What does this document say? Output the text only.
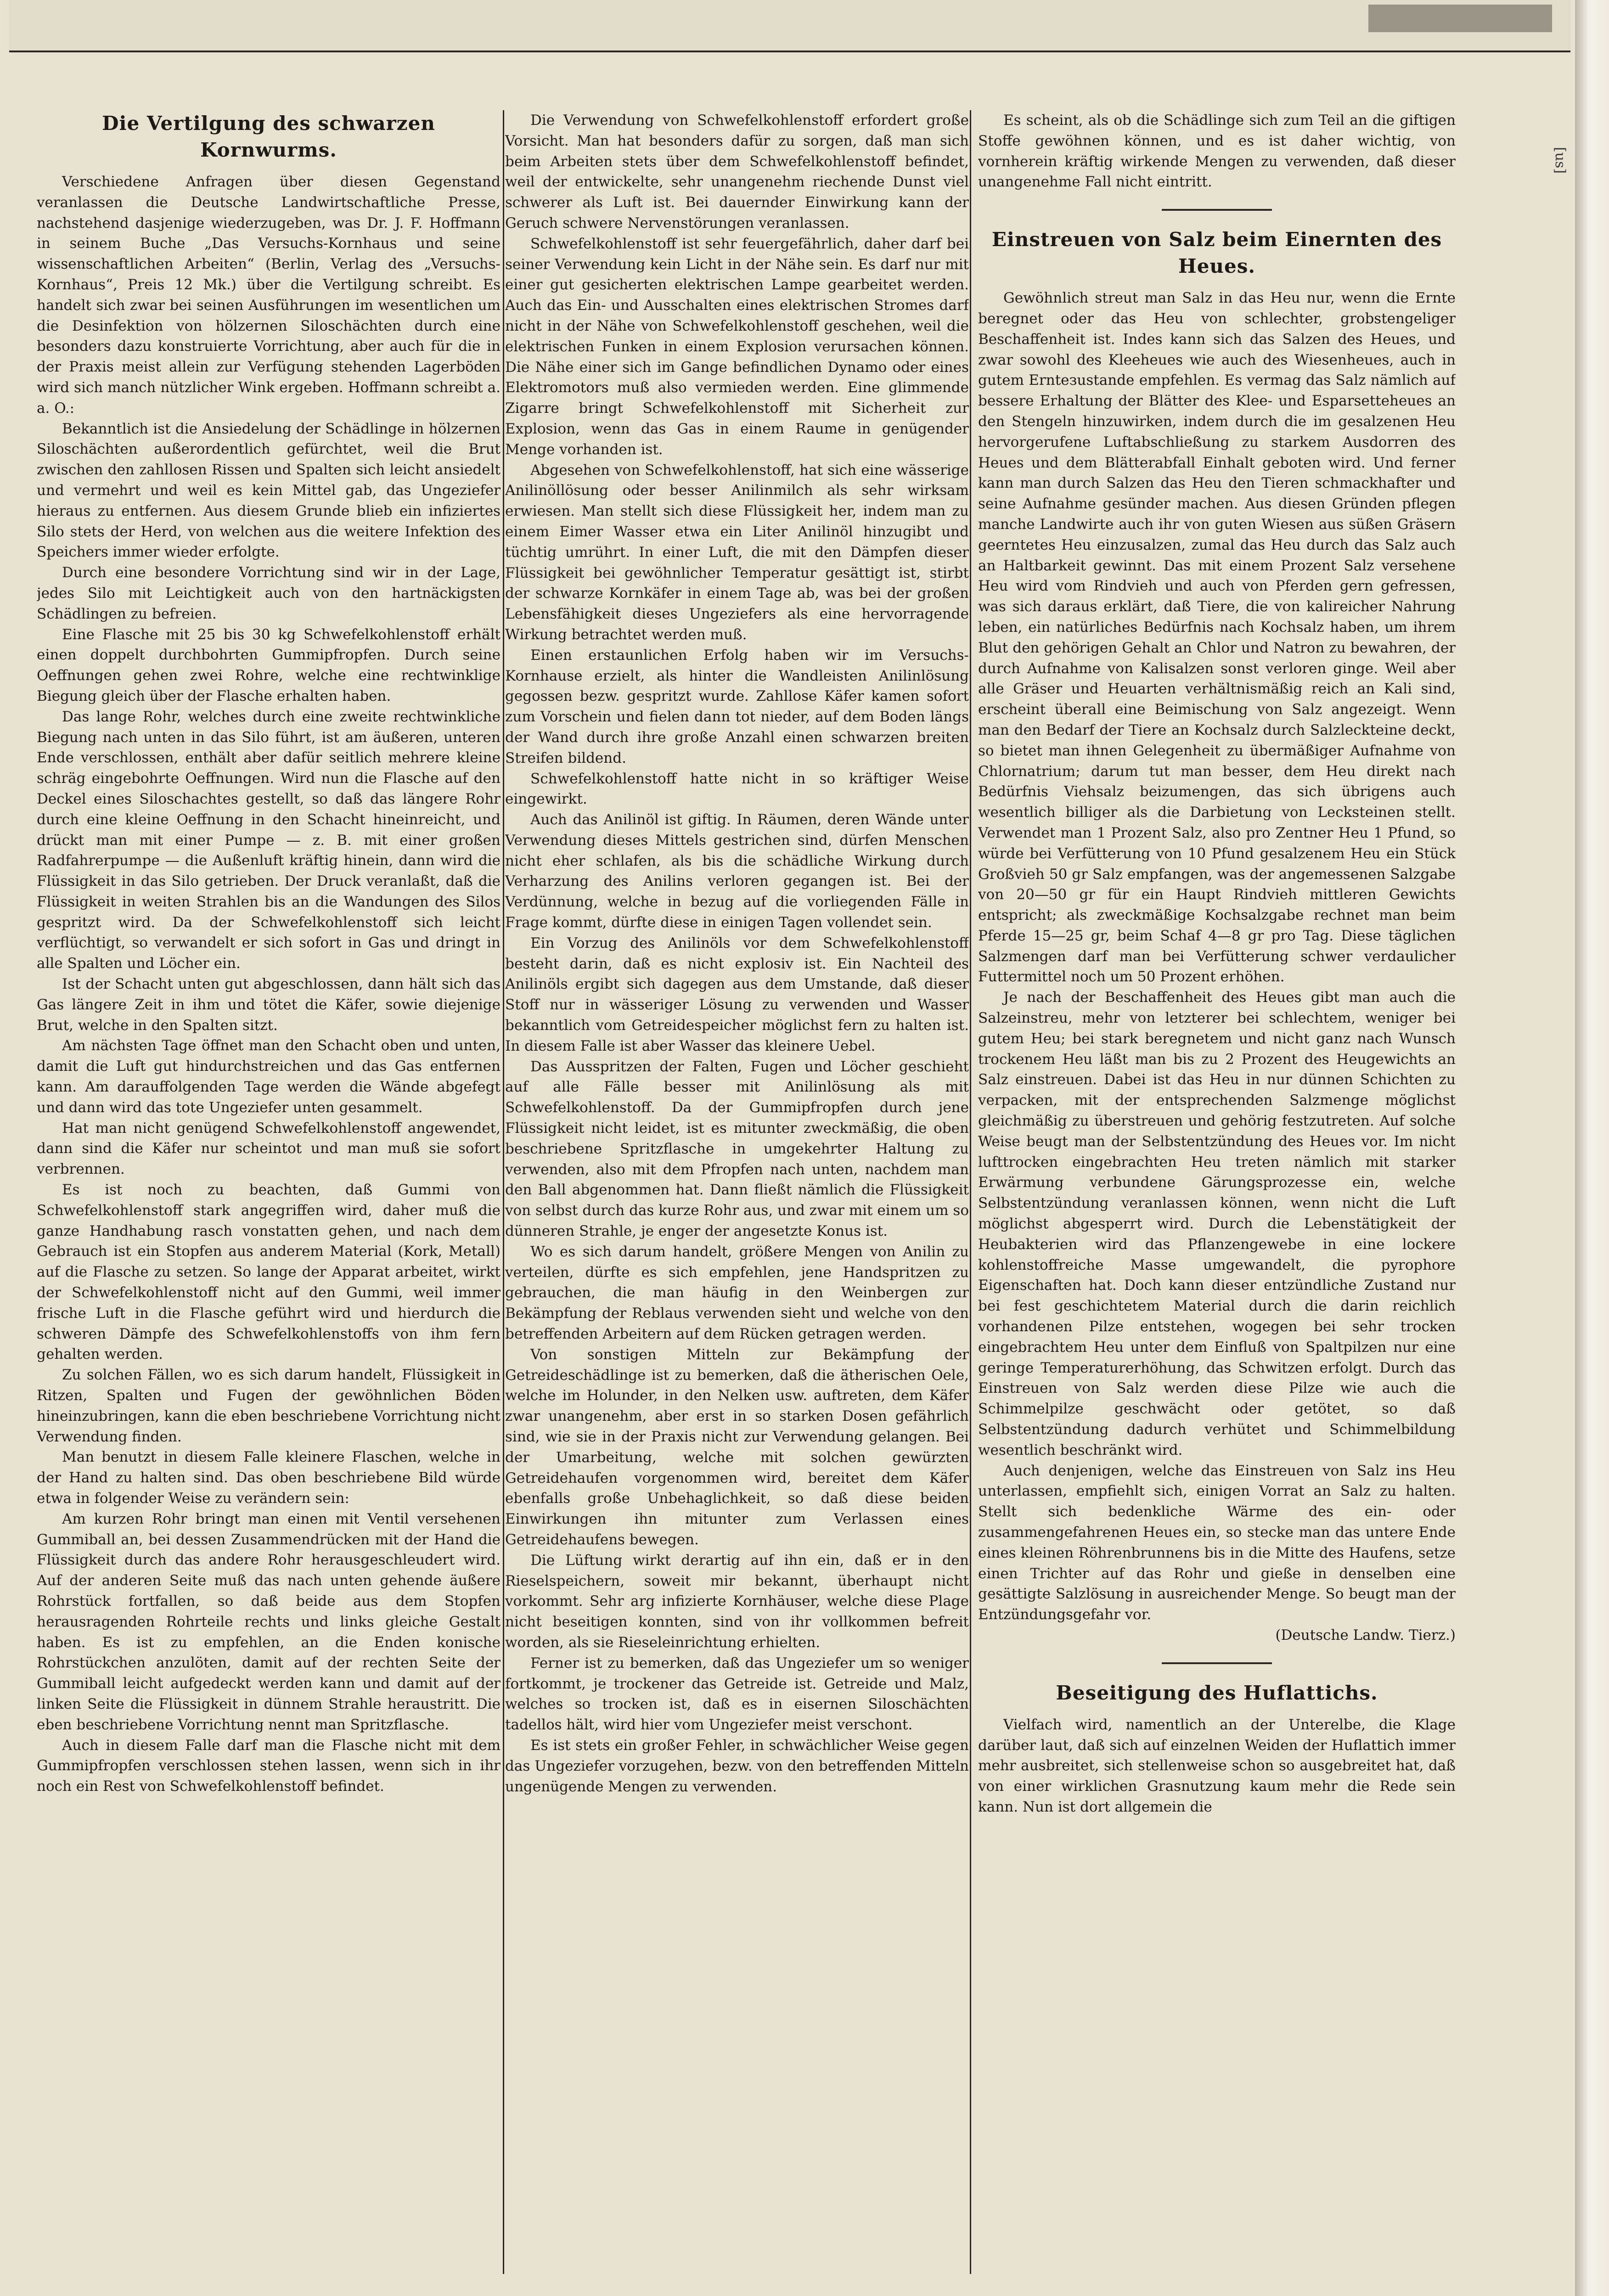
Die Vertilgung des schwarzen Kornwurms.

Verschiedene Anfragen über diesen Gegenstand veranlassen die Deutsche Landwirtschaftliche Presse, nachstehend dasjenige wiederzugeben, was Dr. J. F. Hoffmann in seinem Buche „Das Versuchs-Kornhaus und seine wissenschaftlichen Arbeiten“ (Berlin, Verlag des „Versuchs-Kornhaus“, Preis 12 Mk.) über die Vertilgung schreibt. Es handelt sich zwar bei seinen Ausführungen im wesentlichen um die Desinfektion von hölzernen Siloschächten durch eine besonders dazu konstruierte Vorrichtung, aber auch für die in der Praxis meist allein zur Verfügung stehenden Lagerböden wird sich manch nützlicher Wink ergeben. Hoffmann schreibt a. a. O.:

Bekanntlich ist die Ansiedelung der Schädlinge in hölzernen Siloschächten außerordentlich gefürchtet, weil die Brut zwischen den zahllosen Rissen und Spalten sich leicht ansiedelt und vermehrt und weil es kein Mittel gab, das Ungeziefer hieraus zu entfernen. Aus diesem Grunde blieb ein infiziertes Silo stets der Herd, von welchen aus die weitere Infektion des Speichers immer wieder erfolgte.

Durch eine besondere Vorrichtung sind wir in der Lage, jedes Silo mit Leichtigkeit auch von den hartnäckigsten Schädlingen zu befreien.

Eine Flasche mit 25 bis 30 kg Schwefelkohlenstoff erhält einen doppelt durchbohrten Gummipfropfen. Durch seine Oeffnungen gehen zwei Rohre, welche eine rechtwinklige Biegung gleich über der Flasche erhalten haben.

Das lange Rohr, welches durch eine zweite rechtwinkliche Biegung nach unten in das Silo führt, ist am äußeren, unteren Ende verschlossen, enthält aber dafür seitlich mehrere kleine schräg eingebohrte Oeffnungen. Wird nun die Flasche auf den Deckel eines Siloschachtes gestellt, so daß das längere Rohr durch eine kleine Oeffnung in den Schacht hineinreicht, und drückt man mit einer Pumpe — z. B. mit einer großen Radfahrerpumpe — die Außenluft kräftig hinein, dann wird die Flüssigkeit in das Silo getrieben. Der Druck veranlaßt, daß die Flüssigkeit in weiten Strahlen bis an die Wandungen des Silos gespritzt wird. Da der Schwefelkohlenstoff sich leicht verflüchtigt, so verwandelt er sich sofort in Gas und dringt in alle Spalten und Löcher ein.

Ist der Schacht unten gut abgeschlossen, dann hält sich das Gas längere Zeit in ihm und tötet die Käfer, sowie diejenige Brut, welche in den Spalten sitzt.

Am nächsten Tage öffnet man den Schacht oben und unten, damit die Luft gut hindurchstreichen und das Gas entfernen kann. Am darauffolgenden Tage werden die Wände abgefegt und dann wird das tote Ungeziefer unten gesammelt.

Hat man nicht genügend Schwefelkohlenstoff angewendet, dann sind die Käfer nur scheintot und man muß sie sofort verbrennen.

Es ist noch zu beachten, daß Gummi von Schwefelkohlenstoff stark angegriffen wird, daher muß die ganze Handhabung rasch vonstatten gehen, und nach dem Gebrauch ist ein Stopfen aus anderem Material (Kork, Metall) auf die Flasche zu setzen. So lange der Apparat arbeitet, wirkt der Schwefelkohlenstoff nicht auf den Gummi, weil immer frische Luft in die Flasche geführt wird und hierdurch die schweren Dämpfe des Schwefelkohlenstoffs von ihm fern gehalten werden.

Zu solchen Fällen, wo es sich darum handelt, Flüssigkeit in Ritzen, Spalten und Fugen der gewöhnlichen Böden hineinzubringen, kann die eben beschriebene Vorrichtung nicht Verwendung finden.

Man benutzt in diesem Falle kleinere Flaschen, welche in der Hand zu halten sind. Das oben beschriebene Bild würde etwa in folgender Weise zu verändern sein:

Am kurzen Rohr bringt man einen mit Ventil versehenen Gummiball an, bei dessen Zusammendrücken mit der Hand die Flüssigkeit durch das andere Rohr herausgeschleudert wird. Auf der anderen Seite muß das nach unten gehende äußere Rohrstück fortfallen, so daß beide aus dem Stopfen herausragenden Rohrteile rechts und links gleiche Gestalt haben. Es ist zu empfehlen, an die Enden konische Rohrstückchen anzulöten, damit auf der rechten Seite der Gummiball leicht aufgedeckt werden kann und damit auf der linken Seite die Flüssigkeit in dünnem Strahle heraustritt. Die eben beschriebene Vorrichtung nennt man Spritzflasche.

Auch in diesem Falle darf man die Flasche nicht mit dem Gummipfropfen verschlossen stehen lassen, wenn sich in ihr noch ein Rest von Schwefelkohlenstoff befindet.

Die Verwendung von Schwefelkohlenstoff erfordert große Vorsicht. Man hat besonders dafür zu sorgen, daß man sich beim Arbeiten stets über dem Schwefelkohlenstoff befindet, weil der entwickelte, sehr unangenehm riechende Dunst viel schwerer als Luft ist. Bei dauernder Einwirkung kann der Geruch schwere Nervenstörungen veranlassen.

Schwefelkohlenstoff ist sehr feuergefährlich, daher darf bei seiner Verwendung kein Licht in der Nähe sein. Es darf nur mit einer gut gesicherten elektrischen Lampe gearbeitet werden. Auch das Ein- und Ausschalten eines elektrischen Stromes darf nicht in der Nähe von Schwefelkohlenstoff geschehen, weil die elektrischen Funken in einem Explosion verursachen können. Die Nähe einer sich im Gange befindlichen Dynamo oder eines Elektromotors muß also vermieden werden. Eine glimmende Zigarre bringt Schwefelkohlenstoff mit Sicherheit zur Explosion, wenn das Gas in einem Raume in genügender Menge vorhanden ist.

Abgesehen von Schwefelkohlenstoff, hat sich eine wässerige Anilinöllösung oder besser Anilinmilch als sehr wirksam erwiesen. Man stellt sich diese Flüssigkeit her, indem man zu einem Eimer Wasser etwa ein Liter Anilinöl hinzugibt und tüchtig umrührt. In einer Luft, die mit den Dämpfen dieser Flüssigkeit bei gewöhnlicher Temperatur gesättigt ist, stirbt der schwarze Kornkäfer in einem Tage ab, was bei der großen Lebensfähigkeit dieses Ungeziefers als eine hervorragende Wirkung betrachtet werden muß.

Einen erstaunlichen Erfolg haben wir im Versuchs-Kornhause erzielt, als hinter die Wandleisten Anilinlösung gegossen bezw. gespritzt wurde. Zahllose Käfer kamen sofort zum Vorschein und fielen dann tot nieder, auf dem Boden längs der Wand durch ihre große Anzahl einen schwarzen breiten Streifen bildend.

Schwefelkohlenstoff hatte nicht in so kräftiger Weise eingewirkt.

Auch das Anilinöl ist giftig. In Räumen, deren Wände unter Verwendung dieses Mittels gestrichen sind, dürfen Menschen nicht eher schlafen, als bis die schädliche Wirkung durch Verharzung des Anilins verloren gegangen ist. Bei der Verdünnung, welche in bezug auf die vorliegenden Fälle in Frage kommt, dürfte diese in einigen Tagen vollendet sein.

Ein Vorzug des Anilinöls vor dem Schwefelkohlenstoff besteht darin, daß es nicht explosiv ist. Ein Nachteil des Anilinöls ergibt sich dagegen aus dem Umstande, daß dieser Stoff nur in wässeriger Lösung zu verwenden und Wasser bekanntlich vom Getreidespeicher möglichst fern zu halten ist. In diesem Falle ist aber Wasser das kleinere Uebel.

Das Ausspritzen der Falten, Fugen und Löcher geschieht auf alle Fälle besser mit Anilinlösung als mit Schwefelkohlenstoff. Da der Gummipfropfen durch jene Flüssigkeit nicht leidet, ist es mitunter zweckmäßig, die oben beschriebene Spritzflasche in umgekehrter Haltung zu verwenden, also mit dem Pfropfen nach unten, nachdem man den Ball abgenommen hat. Dann fließt nämlich die Flüssigkeit von selbst durch das kurze Rohr aus, und zwar mit einem um so dünneren Strahle, je enger der angesetzte Konus ist.

Wo es sich darum handelt, größere Mengen von Anilin zu verteilen, dürfte es sich empfehlen, jene Handspritzen zu gebrauchen, die man häufig in den Weinbergen zur Bekämpfung der Reblaus verwenden sieht und welche von den betreffenden Arbeitern auf dem Rücken getragen werden.

Von sonstigen Mitteln zur Bekämpfung der Getreideschädlinge ist zu bemerken, daß die ätherischen Oele, welche im Holunder, in den Nelken usw. auftreten, dem Käfer zwar unangenehm, aber erst in so starken Dosen gefährlich sind, wie sie in der Praxis nicht zur Verwendung gelangen. Bei der Umarbeitung, welche mit solchen gewürzten Getreidehaufen vorgenommen wird, bereitet dem Käfer ebenfalls große Unbehaglichkeit, so daß diese beiden Einwirkungen ihn mitunter zum Verlassen eines Getreidehaufens bewegen.

Die Lüftung wirkt derartig auf ihn ein, daß er in den Rieselspeichern, soweit mir bekannt, überhaupt nicht vorkommt. Sehr arg infizierte Kornhäuser, welche diese Plage nicht beseitigen konnten, sind von ihr vollkommen befreit worden, als sie Rieseleinrichtung erhielten.

Ferner ist zu bemerken, daß das Ungeziefer um so weniger fortkommt, je trockener das Getreide ist. Getreide und Malz, welches so trocken ist, daß es in eisernen Siloschächten tadellos hält, wird hier vom Ungeziefer meist verschont.

Es ist stets ein großer Fehler, in schwächlicher Weise gegen das Ungeziefer vorzugehen, bezw. von den betreffenden Mitteln ungenügende Mengen zu verwenden.

Es scheint, als ob die Schädlinge sich zum Teil an die giftigen Stoffe gewöhnen können, und es ist daher wichtig, von vornherein kräftig wirkende Mengen zu verwenden, daß dieser unangenehme Fall nicht eintritt.

Einstreuen von Salz beim Einernten des Heues.

Gewöhnlich streut man Salz in das Heu nur, wenn die Ernte beregnet oder das Heu von schlechter, grobstengeliger Beschaffenheit ist. Indes kann sich das Salzen des Heues, und zwar sowohl des Kleeheues wie auch des Wiesenheues, auch in gutem Ernteзustande empfehlen. Es vermag das Salz nämlich auf bessere Erhaltung der Blätter des Klee- und Esparsetteheues an den Stengeln hinzuwirken, indem durch die im gesalzenen Heu hervorgerufene Luftabschließung zu starkem Ausdorren des Heues und dem Blätterabfall Einhalt geboten wird. Und ferner kann man durch Salzen das Heu den Tieren schmackhafter und seine Aufnahme gesünder machen. Aus diesen Gründen pflegen manche Landwirte auch ihr von guten Wiesen aus süßen Gräsern geerntetes Heu einzusalzen, zumal das Heu durch das Salz auch an Haltbarkeit gewinnt. Das mit einem Prozent Salz versehene Heu wird vom Rindvieh und auch von Pferden gern gefressen, was sich daraus erklärt, daß Tiere, die von kalireicher Nahrung leben, ein natürliches Bedürfnis nach Kochsalz haben, um ihrem Blut den gehörigen Gehalt an Chlor und Natron zu bewahren, der durch Aufnahme von Kalisalzen sonst verloren ginge. Weil aber alle Gräser und Heuarten verhältnismäßig reich an Kali sind, erscheint überall eine Beimischung von Salz angezeigt. Wenn man den Bedarf der Tiere an Kochsalz durch Salzleckteine deckt, so bietet man ihnen Gelegenheit zu übermäßiger Aufnahme von Chlornatrium; darum tut man besser, dem Heu direkt nach Bedürfnis Viehsalz beizumengen, das sich übrigens auch wesentlich billiger als die Darbietung von Lecksteinen stellt. Verwendet man 1 Prozent Salz, also pro Zentner Heu 1 Pfund, so würde bei Verfütterung von 10 Pfund gesalzenem Heu ein Stück Großvieh 50 gr Salz empfangen, was der angemessenen Salzgabe von 20—50 gr für ein Haupt Rindvieh mittleren Gewichts entspricht; als zweckmäßige Kochsalzgabe rechnet man beim Pferde 15—25 gr, beim Schaf 4—8 gr pro Tag. Diese täglichen Salzmengen darf man bei Verfütterung schwer verdaulicher Futtermittel noch um 50 Prozent erhöhen.

Je nach der Beschaffenheit des Heues gibt man auch die Salzeinstreu, mehr von letzterer bei schlechtem, weniger bei gutem Heu; bei stark beregnetem und nicht ganz nach Wunsch trockenem Heu läßt man bis zu 2 Prozent des Heugewichts an Salz einstreuen. Dabei ist das Heu in nur dünnen Schichten zu verpacken, mit der entsprechenden Salzmenge möglichst gleichmäßig zu überstreuen und gehörig festzutreten. Auf solche Weise beugt man der Selbstentzündung des Heues vor. Im nicht lufttrocken eingebrachten Heu treten nämlich mit starker Erwärmung verbundene Gärungsprozesse ein, welche Selbstentzündung veranlassen können, wenn nicht die Luft möglichst abgesperrt wird. Durch die Lebenstätigkeit der Heubakterien wird das Pflanzengewebe in eine lockere kohlenstoffreiche Masse umgewandelt, die pyrophore Eigenschaften hat. Doch kann dieser entzündliche Zustand nur bei fest geschichtetem Material durch die darin reichlich vorhandenen Pilze entstehen, wogegen bei sehr trocken eingebrachtem Heu unter dem Einfluß von Spaltpilzen nur eine geringe Temperaturerhöhung, das Schwitzen erfolgt. Durch das Einstreuen von Salz werden diese Pilze wie auch die Schimmelpilze geschwächt oder getötet, so daß Selbstentzündung dadurch verhütet und Schimmelbildung wesentlich beschränkt wird.

Auch denjenigen, welche das Einstreuen von Salz ins Heu unterlassen, empfiehlt sich, einigen Vorrat an Salz zu halten. Stellt sich bedenkliche Wärme des ein- oder zusammengefahrenen Heues ein, so stecke man das untere Ende eines kleinen Röhrenbrunnens bis in die Mitte des Haufens, setze einen Trichter auf das Rohr und gieße in denselben eine gesättigte Salzlösung in ausreichender Menge. So beugt man der Entzündungsgefahr vor.

(Deutsche Landw. Tierz.)

Beseitigung des Huflattichs.

Vielfach wird, namentlich an der Unterelbe, die Klage darüber laut, daß sich auf einzelnen Weiden der Huflattich immer mehr ausbreitet, sich stellenweise schon so ausgebreitet hat, daß von einer wirklichen Grasnutzung kaum mehr die Rede sein kann. Nun ist dort allgemein die

[us]
